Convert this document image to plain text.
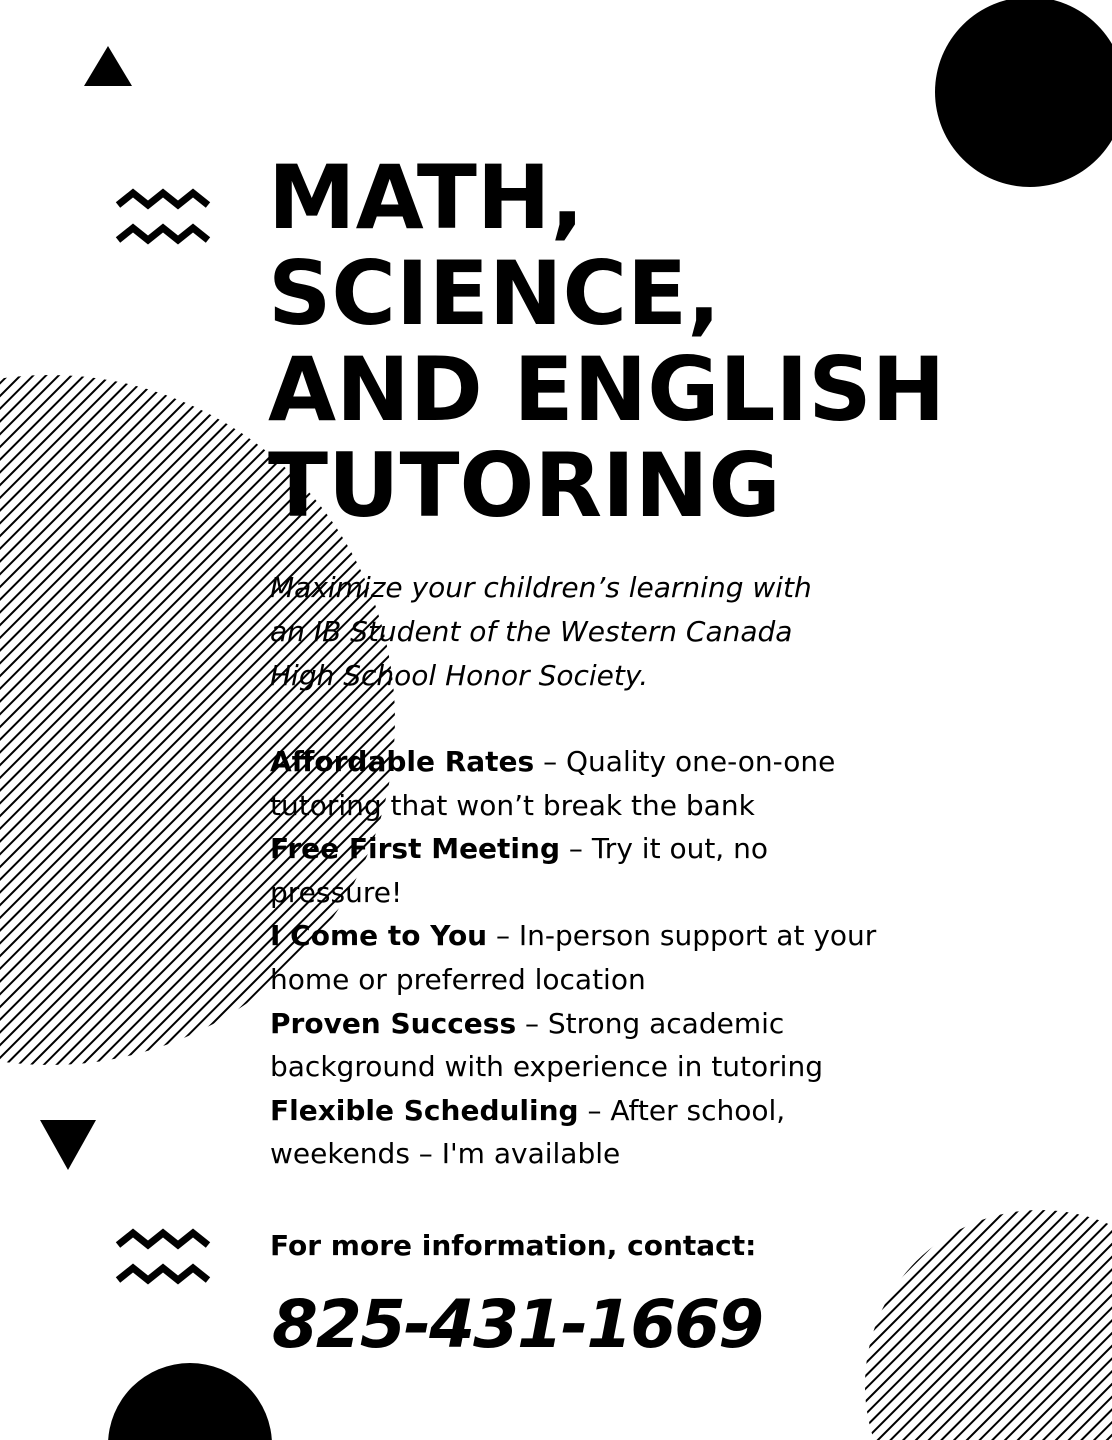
MATH,
SCIENCE,
AND ENGLISH
TUTORING

Maximize your children’s learning with
an IB Student of the Western Canada
High School Honor Society.

Affordable Rates – Quality one-on-one tutoring that won’t break the bank
Free First Meeting – Try it out, no pressure!
I Come to You – In-person support at your home or preferred location
Proven Success – Strong academic background with experience in tutoring
Flexible Scheduling – After school, weekends – I'm available
For more information, contact:
825-431-1669
